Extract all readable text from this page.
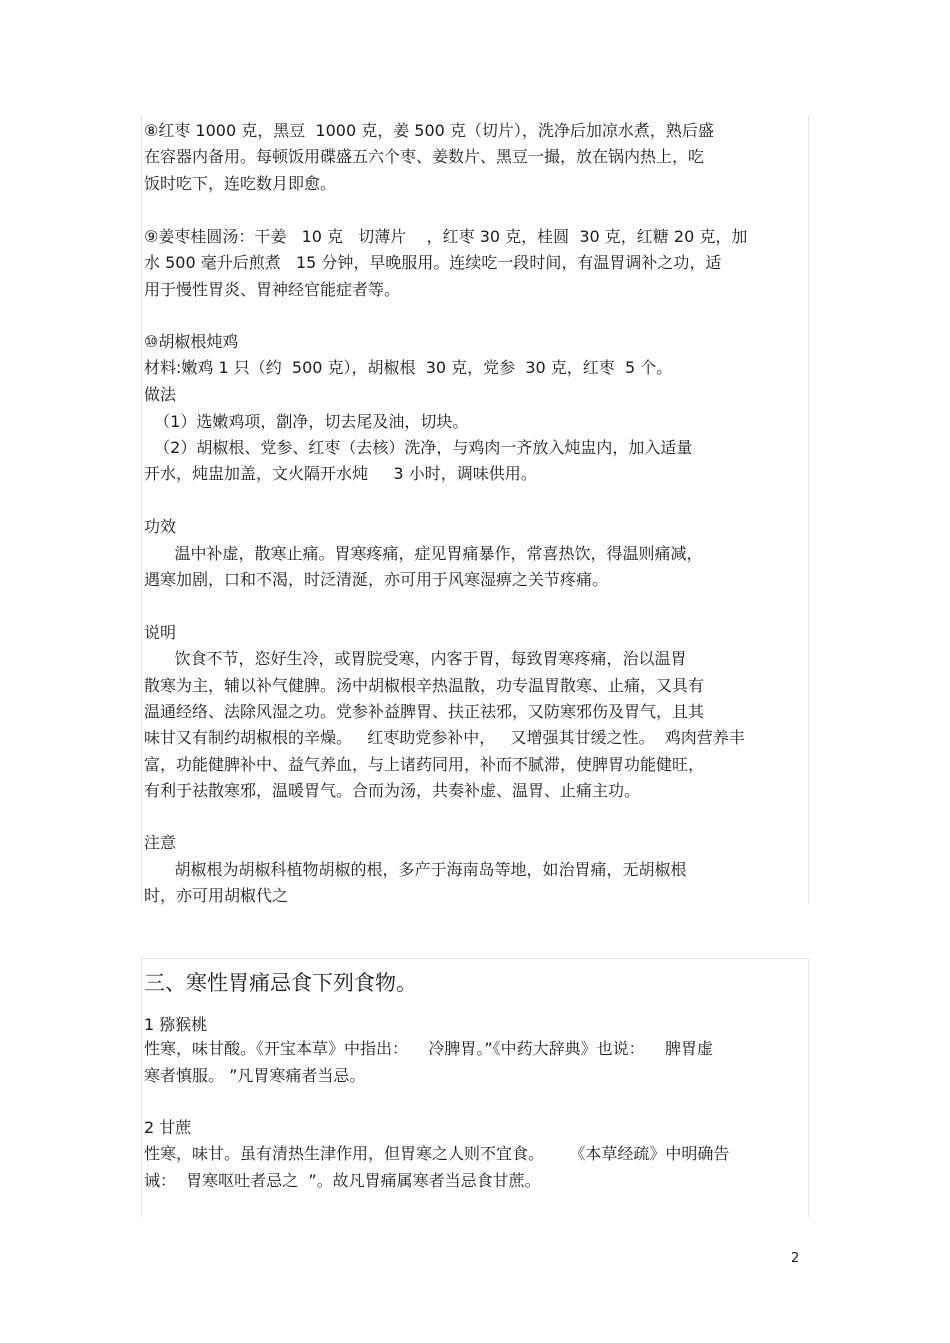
⑧红枣 1000 克，黑豆  1000 克，姜 500 克（切片），洗净后加凉水煮，熟后盛
在容器内备用。每顿饭用碟盛五六个枣、姜数片、黑豆一撮，放在锅内热上，吃
饭时吃下，连吃数月即愈。
⑨姜枣桂圆汤：干姜   10 克   切薄片    ，红枣 30 克，桂圆  30 克，红糖 20 克，加
水 500 毫升后煎煮   15 分钟，早晚服用。连续吃一段时间，有温胃调补之功，适
用于慢性胃炎、胃神经官能症者等。
⑩胡椒根炖鸡
材料:嫩鸡 1 只（约  500 克），胡椒根  30 克，党参  30 克，红枣  5 个。
做法
（1）选嫩鸡项，劏净，切去尾及油，切块。
（2）胡椒根、党参、红枣（去核）洗净，与鸡肉一齐放入炖盅内，加入适量
开水，炖盅加盖，文火隔开水炖     3 小时，调味供用。
功效
温中补虚，散寒止痛。胃寒疼痛，症见胃痛暴作，常喜热饮，得温则痛减，
遇寒加剧，口和不渴，时泛清涎，亦可用于风寒湿痹之关节疼痛。
说明
饮食不节，恣好生冷，或胃脘受寒，内客于胃，每致胃寒疼痛，治以温胃
散寒为主，辅以补气健脾。汤中胡椒根辛热温散，功专温胃散寒、止痛，又具有
温通经络、法除风湿之功。党参补益脾胃、扶正祛邪，又防寒邪伤及胃气，且其
味甘又有制约胡椒根的辛燥。   红枣助党参补中，   又增强其甘缓之性。  鸡肉营养丰
富，功能健脾补中、益气养血，与上诸药同用，补而不腻滞，使脾胃功能健旺，
有利于祛散寒邪，温暖胃气。合而为汤，共奏补虚、温胃、止痛主功。
注意
胡椒根为胡椒科植物胡椒的根，多产于海南岛等地，如治胃痛，无胡椒根
时，亦可用胡椒代之
三、寒性胃痛忌食下列食物。
1 猕猴桃
性寒，味甘酸。《开宝本草》中指出：    冷脾胃。”《中药大辞典》也说：    脾胃虚
寒者慎服。 ”凡胃寒痛者当忌。
2 甘蔗
性寒，味甘。虽有清热生津作用，但胃寒之人则不宜食。     《本草经疏》中明确告
诫：  胃寒呕吐者忌之  ”。故凡胃痛属寒者当忌食甘蔗。
2
